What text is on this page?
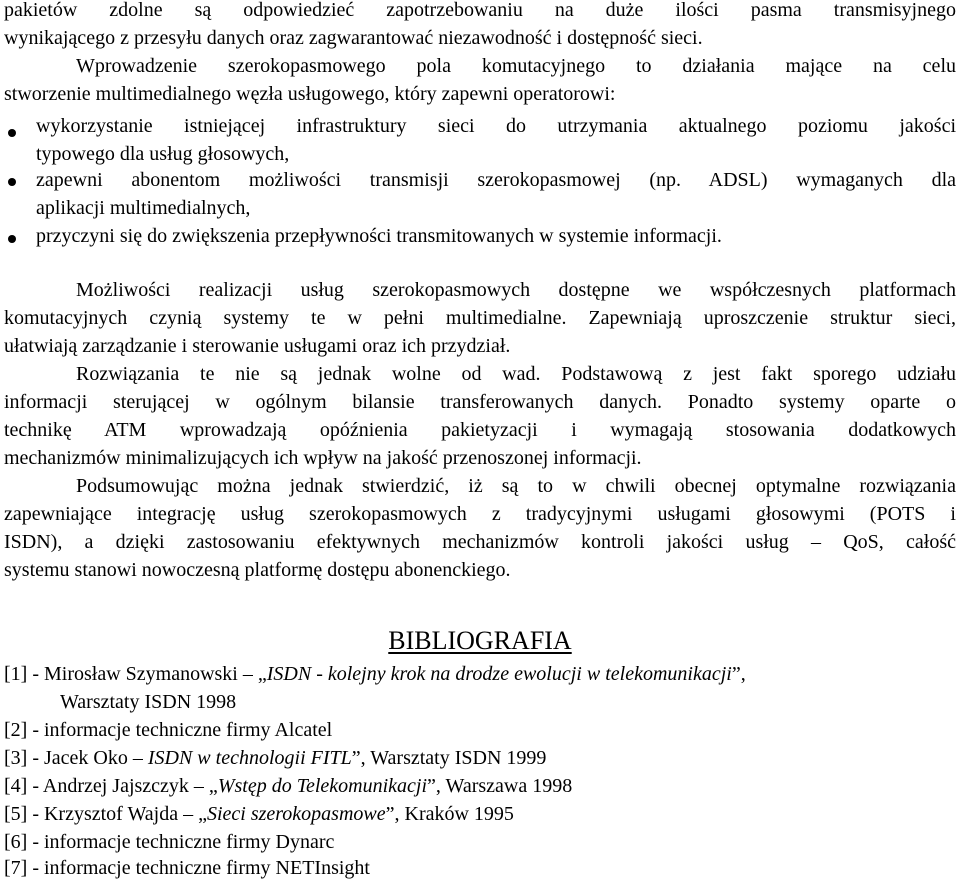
pakietów zdolne są odpowiedzieć zapotrzebowaniu na duże ilości pasma transmisyjnego
wynikającego z przesyłu danych oraz zagwarantować niezawodność i dostępność sieci.
Wprowadzenie szerokopasmowego pola komutacyjnego to działania mające na celu
stworzenie multimedialnego węzła usługowego, który zapewni operatorowi:
wykorzystanie istniejącej infrastruktury sieci do utrzymania aktualnego poziomu jakości
typowego dla usług głosowych,
zapewni abonentom możliwości transmisji szerokopasmowej (np. ADSL) wymaganych dla
aplikacji multimedialnych,
przyczyni się do zwiększenia przepływności transmitowanych w systemie informacji.
Możliwości realizacji usług szerokopasmowych dostępne we współczesnych platformach
komutacyjnych czynią systemy te w pełni multimedialne. Zapewniają uproszczenie struktur sieci,
ułatwiają zarządzanie i sterowanie usługami oraz ich przydział.
Rozwiązania te nie są jednak wolne od wad. Podstawową z jest fakt sporego udziału
informacji sterującej w ogólnym bilansie transferowanych danych. Ponadto systemy oparte o
technikę ATM wprowadzają opóźnienia pakietyzacji i wymagają stosowania dodatkowych
mechanizmów minimalizujących ich wpływ na jakość przenoszonej informacji.
Podsumowując można jednak stwierdzić, iż są to w chwili obecnej optymalne rozwiązania
zapewniające integrację usług szerokopasmowych z tradycyjnymi usługami głosowymi (POTS i
ISDN), a dzięki zastosowaniu efektywnych mechanizmów kontroli jakości usług – QoS, całość
systemu stanowi nowoczesną platformę dostępu abonenckiego.
BIBLIOGRAFIA
[1] - Mirosław Szymanowski – „ISDN - kolejny krok na drodze ewolucji w telekomunikacji”,
Warsztaty ISDN 1998
[2] - informacje techniczne firmy Alcatel
[3] - Jacek Oko – ISDN w technologii FITL”, Warsztaty ISDN 1999
[4] - Andrzej Jajszczyk – „Wstęp do Telekomunikacji”, Warszawa 1998
[5] - Krzysztof Wajda – „Sieci szerokopasmowe”, Kraków 1995
[6] - informacje techniczne firmy Dynarc
[7] - informacje techniczne firmy NETInsight
